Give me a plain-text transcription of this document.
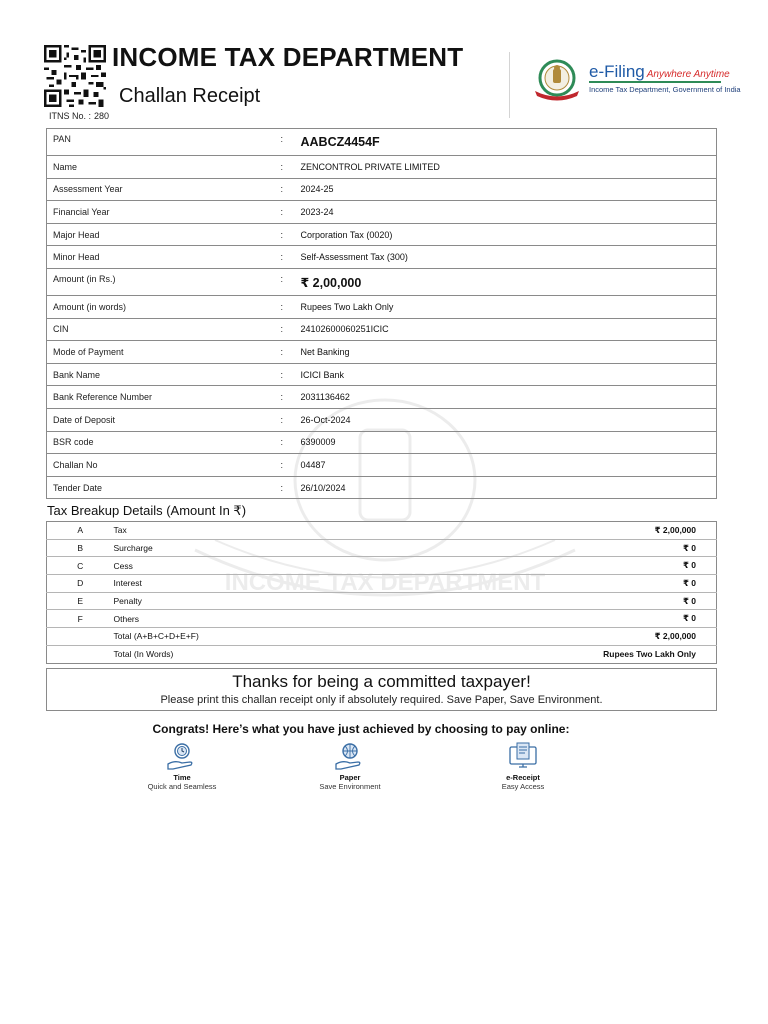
INCOME TAX DEPARTMENT
Challan Receipt
ITNS No. : 280
e-Filing Anywhere Anytime
Income Tax Department, Government of India
INCOME TAX DEPARTMENT
PAN	:	AABCZ4454F
Name	:	ZENCONTROL PRIVATE LIMITED
Assessment Year	:	2024-25
Financial Year	:	2023-24
Major Head	:	Corporation Tax (0020)
Minor Head	:	Self-Assessment Tax (300)
Amount (in Rs.)	:	₹ 2,00,000
Amount (in words)	:	Rupees Two Lakh Only
CIN	:	24102600060251ICIC
Mode of Payment	:	Net Banking
Bank Name	:	ICICI Bank
Bank Reference Number	:	2031136462
Date of Deposit	:	26-Oct-2024
BSR code	:	6390009
Challan No	:	04487
Tender Date	:	26/10/2024
Tax Breakup Details (Amount In ₹)
A	Tax	₹ 2,00,000
B	Surcharge	₹ 0
C	Cess	₹ 0
D	Interest	₹ 0
E	Penalty	₹ 0
F	Others	₹ 0
	Total (A+B+C+D+E+F)	₹ 2,00,000
	Total (In Words)	Rupees Two Lakh Only
Thanks for being a committed taxpayer!
Please print this challan receipt only if absolutely required. Save Paper, Save Environment.
Congrats! Here’s what you have just achieved by choosing to pay online:
Time
Quick and Seamless
Paper
Save Environment
e-Receipt
Easy Access
